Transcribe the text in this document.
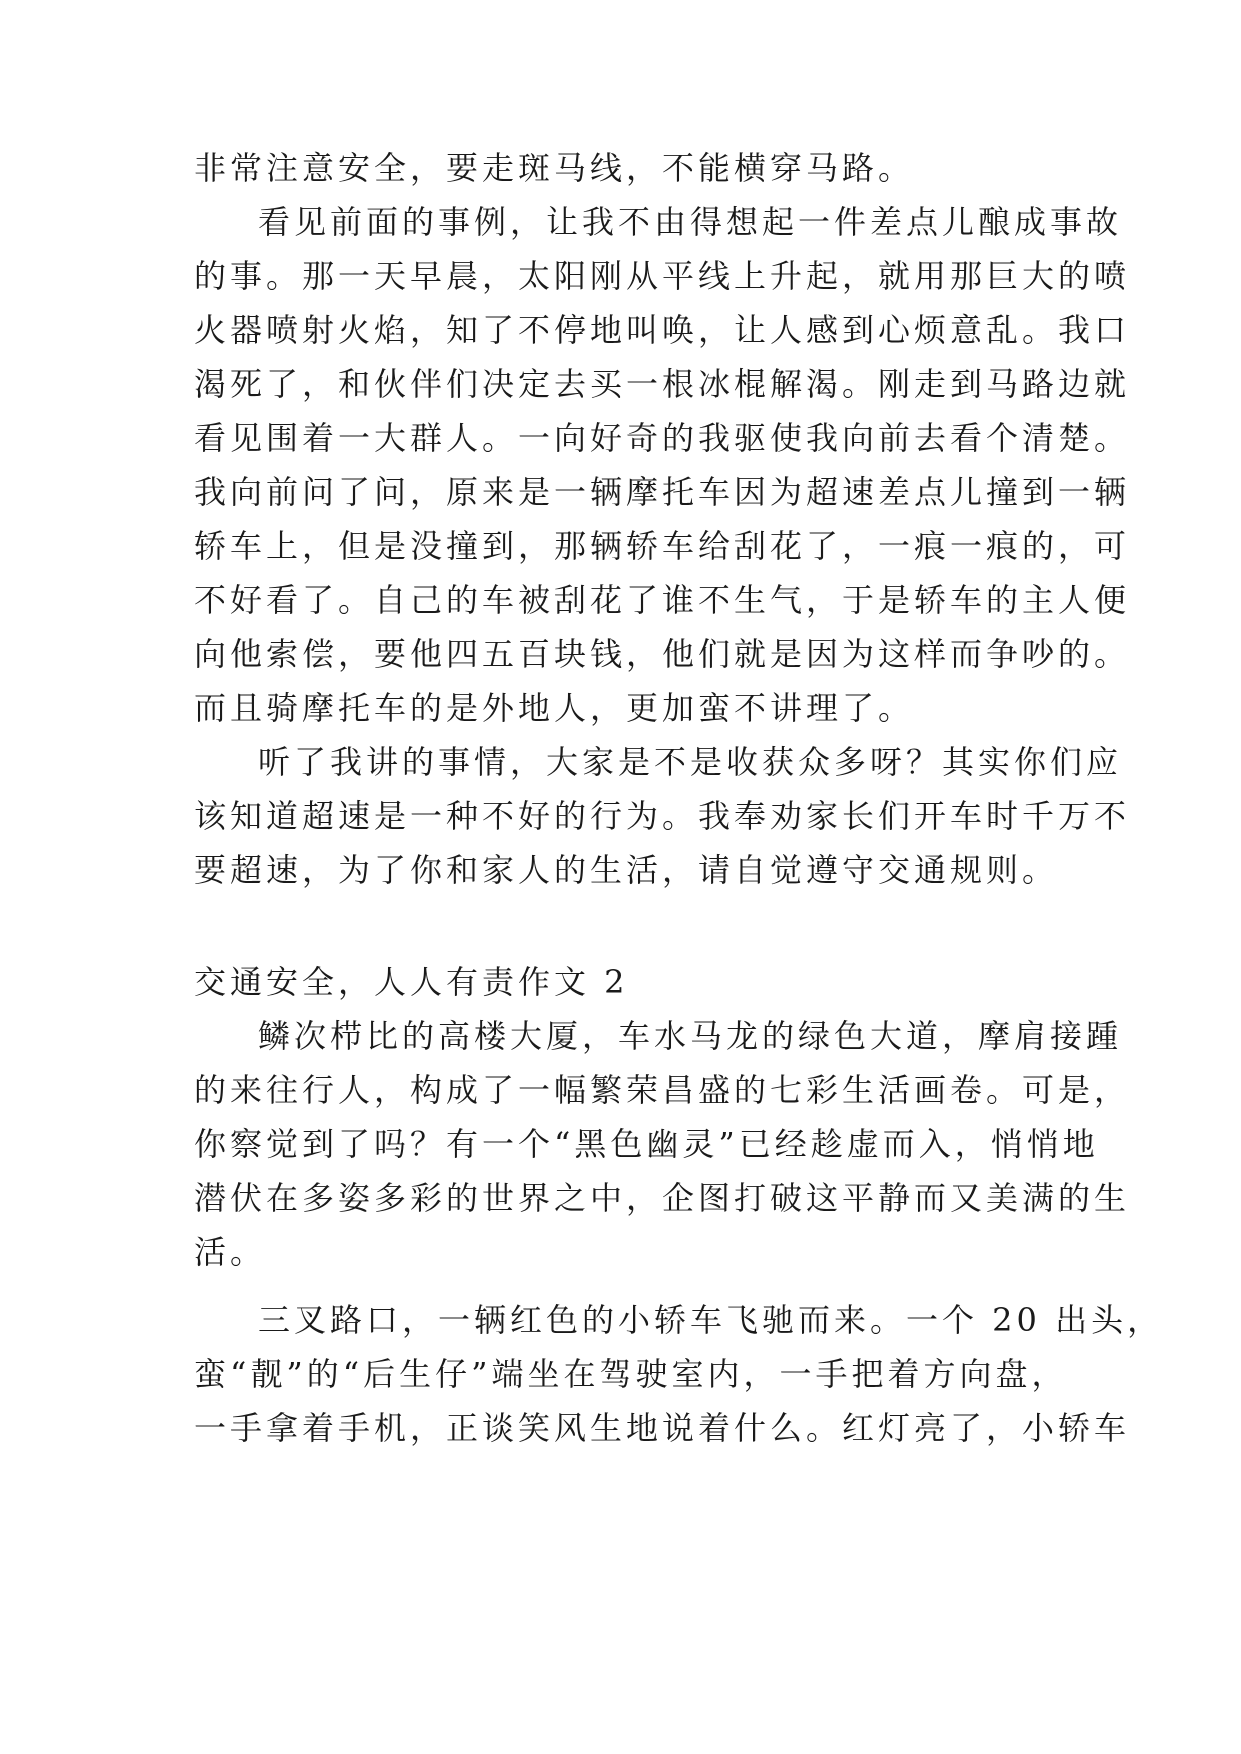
非常注意安全，要走斑马线，不能横穿马路。
看见前面的事例，让我不由得想起一件差点儿酿成事故
的事。那一天早晨，太阳刚从平线上升起，就用那巨大的喷
火器喷射火焰，知了不停地叫唤，让人感到心烦意乱。我口
渴死了，和伙伴们决定去买一根冰棍解渴。刚走到马路边就
看见围着一大群人。一向好奇的我驱使我向前去看个清楚。
我向前问了问，原来是一辆摩托车因为超速差点儿撞到一辆
轿车上，但是没撞到，那辆轿车给刮花了，一痕一痕的，可
不好看了。自己的车被刮花了谁不生气，于是轿车的主人便
向他索偿，要他四五百块钱，他们就是因为这样而争吵的。
而且骑摩托车的是外地人，更加蛮不讲理了。
听了我讲的事情，大家是不是收获众多呀？其实你们应
该知道超速是一种不好的行为。我奉劝家长们开车时千万不
要超速，为了你和家人的生活，请自觉遵守交通规则。
交通安全，人人有责作文 2
鳞次栉比的高楼大厦，车水马龙的绿色大道，摩肩接踵
的来往行人，构成了一幅繁荣昌盛的七彩生活画卷。可是，
你察觉到了吗？有一个“黑色幽灵”已经趁虚而入，悄悄地
潜伏在多姿多彩的世界之中，企图打破这平静而又美满的生
活。
三叉路口，一辆红色的小轿车飞驰而来。一个 20 出头，
蛮“靓”的“后生仔”端坐在驾驶室内，一手把着方向盘，
一手拿着手机，正谈笑风生地说着什么。红灯亮了，小轿车
